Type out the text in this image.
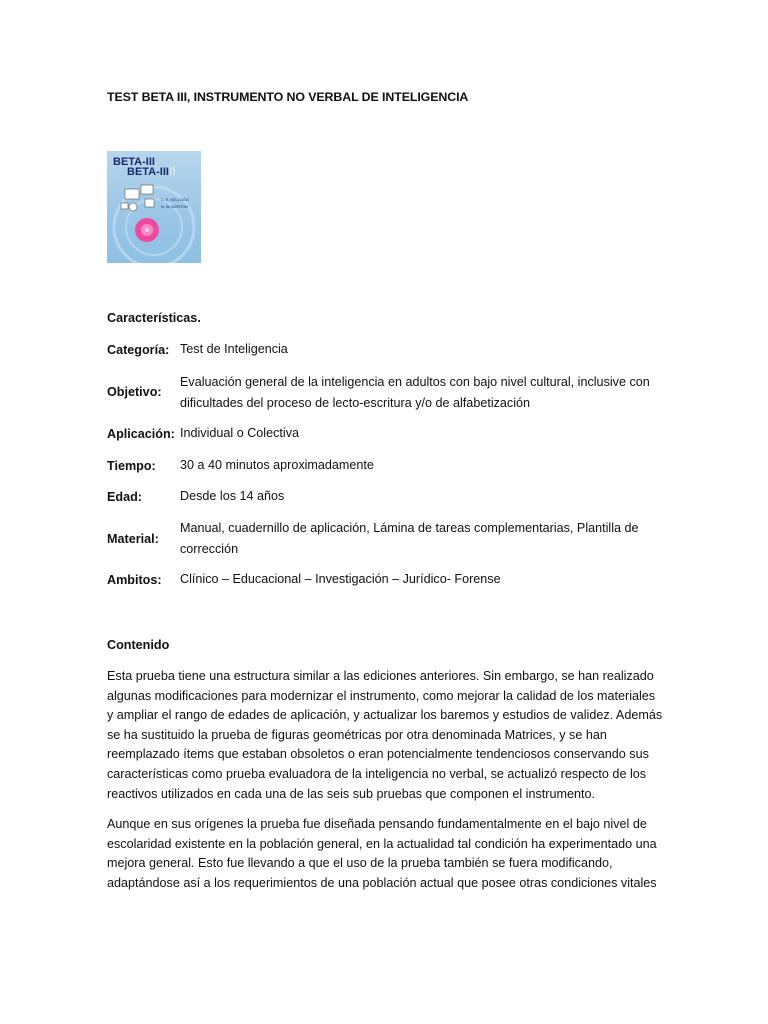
TEST BETA III, INSTRUMENTO NO VERBAL DE INTELIGENCIA
BETA-III
BETA-III II
C. E. KELLOGG
N. W. MORTON
Características.
Categoría: Test de Inteligencia
Objetivo:
Evaluación general de la inteligencia en adultos con bajo nivel cultural, inclusive con dificultades del proceso de lecto-escritura y/o de alfabetización
Aplicación: Individual o Colectiva
Tiempo: 30 a 40 minutos aproximadamente
Edad:	Desde los 14 años
Material:
Manual, cuadernillo de aplicación, Lámina de tareas complementarias, Plantilla de corrección
Ambitos: Clínico – Educacional – Investigación – Jurídico- Forense
Contenido
Esta prueba tiene una estructura similar a las ediciones anteriores. Sin embargo, se han realizado algunas modificaciones para modernizar el instrumento, como mejorar la calidad de los materiales y ampliar el rango de edades de aplicación, y actualizar los baremos y estudios de validez. Además se ha sustituido la prueba de figuras geométricas por otra denominada Matrices, y se han reemplazado ítems que estaban obsoletos o eran potencialmente tendenciosos conservando sus características como prueba evaluadora de la inteligencia no verbal, se actualizó respecto de los reactivos utilizados en cada una de las seis sub pruebas que componen el instrumento.
Aunque en sus orígenes la prueba fue diseñada pensando fundamentalmente en el bajo nivel de escolaridad existente en la población general, en la actualidad tal condición ha experimentado una mejora general. Esto fue llevando a que el uso de la prueba también se fuera modificando, adaptándose así a los requerimientos de una población actual que posee otras condiciones vitales
